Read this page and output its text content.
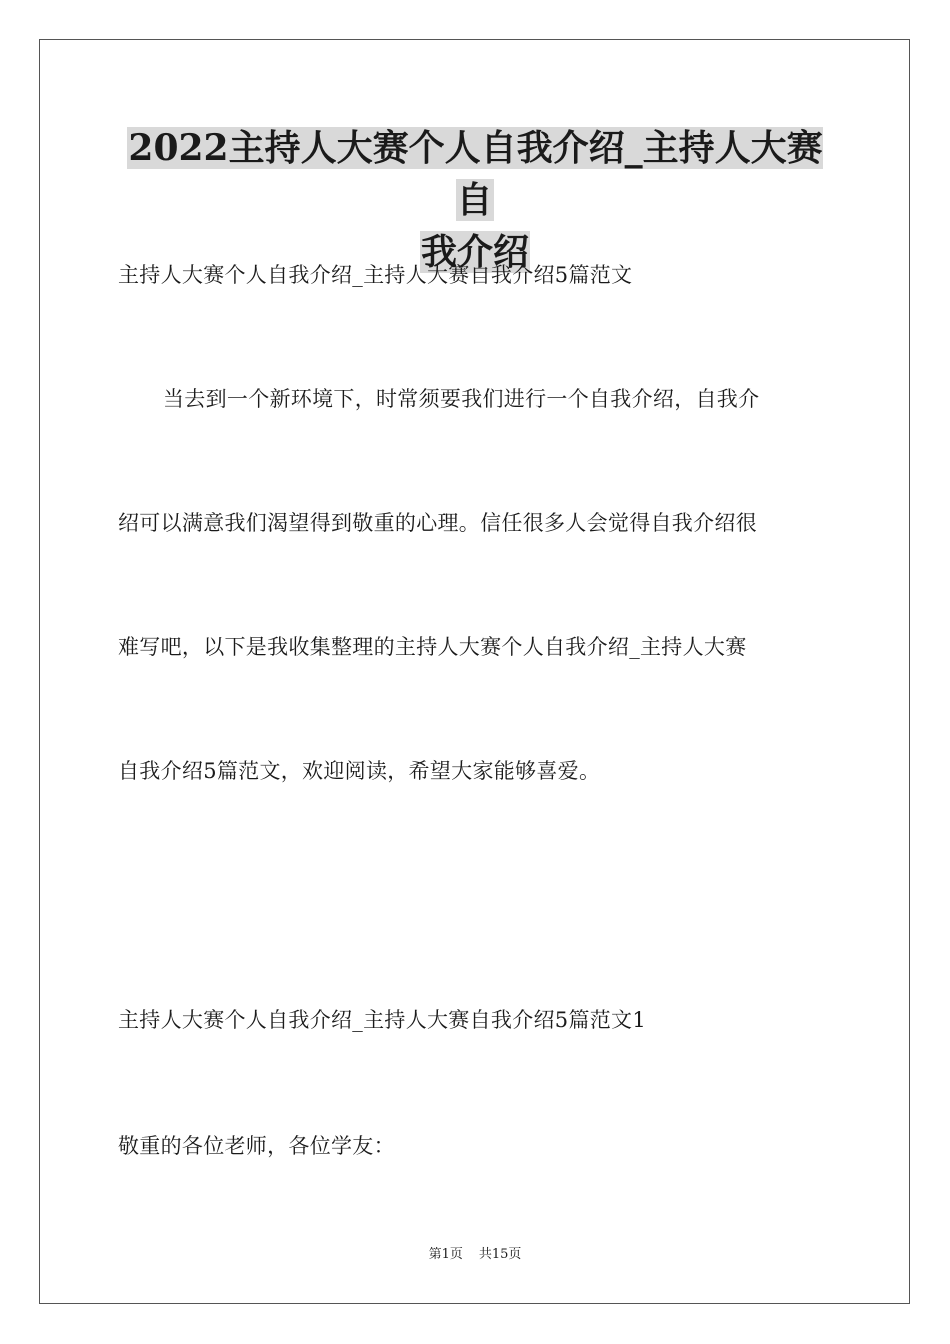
2022主持人大赛个人自我介绍_主持人大赛自
我介绍

主持人大赛个人自我介绍_主持人大赛自我介绍5篇范文

当去到一个新环境下，时常须要我们进行一个自我介绍，自我介

绍可以满意我们渴望得到敬重的心理。信任很多人会觉得自我介绍很

难写吧，以下是我收集整理的主持人大赛个人自我介绍_主持人大赛

自我介绍5篇范文，欢迎阅读，希望大家能够喜爱。

主持人大赛个人自我介绍_主持人大赛自我介绍5篇范文1

敬重的各位老师，各位学友：

第1页 共15页
